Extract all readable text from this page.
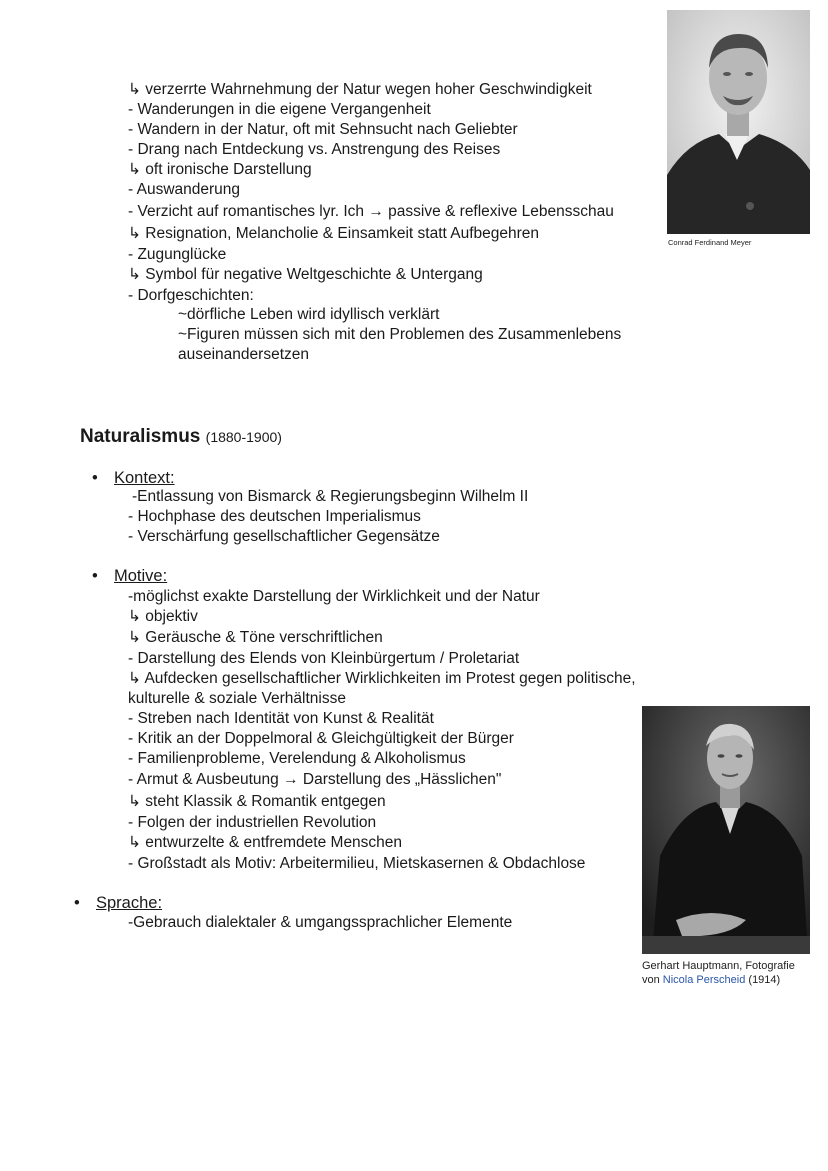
↳ verzerrte Wahrnehmung der Natur wegen hoher Geschwindigkeit
- Wanderungen in die eigene Vergangenheit
- Wandern in der Natur, oft mit Sehnsucht nach Geliebter
- Drang nach Entdeckung vs. Anstrengung des Reises
↳ oft ironische Darstellung
- Auswanderung
- Verzicht auf romantisches lyr. Ich → passive & reflexive Lebensschau
↳ Resignation, Melancholie & Einsamkeit statt Aufbegehren
- Zugunglücke
↳ Symbol für negative Weltgeschichte & Untergang
- Dorfgeschichten:
~dörfliche Leben wird idyllisch verklärt
~Figuren müssen sich mit den Problemen des Zusammenlebens
auseinandersetzen
Conrad Ferdinand Meyer
Naturalismus (1880-1900)
• Kontext:
-Entlassung von Bismarck & Regierungsbeginn Wilhelm II
- Hochphase des deutschen Imperialismus
- Verschärfung gesellschaftlicher Gegensätze
• Motive:
-möglichst exakte Darstellung der Wirklichkeit und der Natur
↳ objektiv
↳ Geräusche & Töne verschriftlichen
- Darstellung des Elends von Kleinbürgertum / Proletariat
↳ Aufdecken gesellschaftlicher Wirklichkeiten im Protest gegen politische,
kulturelle & soziale Verhältnisse
- Streben nach Identität von Kunst & Realität
- Kritik an der Doppelmoral & Gleichgültigkeit der Bürger
- Familienprobleme, Verelendung & Alkoholismus
- Armut & Ausbeutung → Darstellung des „Hässlichen"
↳ steht Klassik & Romantik entgegen
- Folgen der industriellen Revolution
↳ entwurzelte & entfremdete Menschen
- Großstadt als Motiv: Arbeitermilieu, Mietskasernen & Obdachlose
Gerhart Hauptmann, Fotografie
von Nicola Perscheid (1914)
• Sprache:
-Gebrauch dialektaler & umgangssprachlicher Elemente
